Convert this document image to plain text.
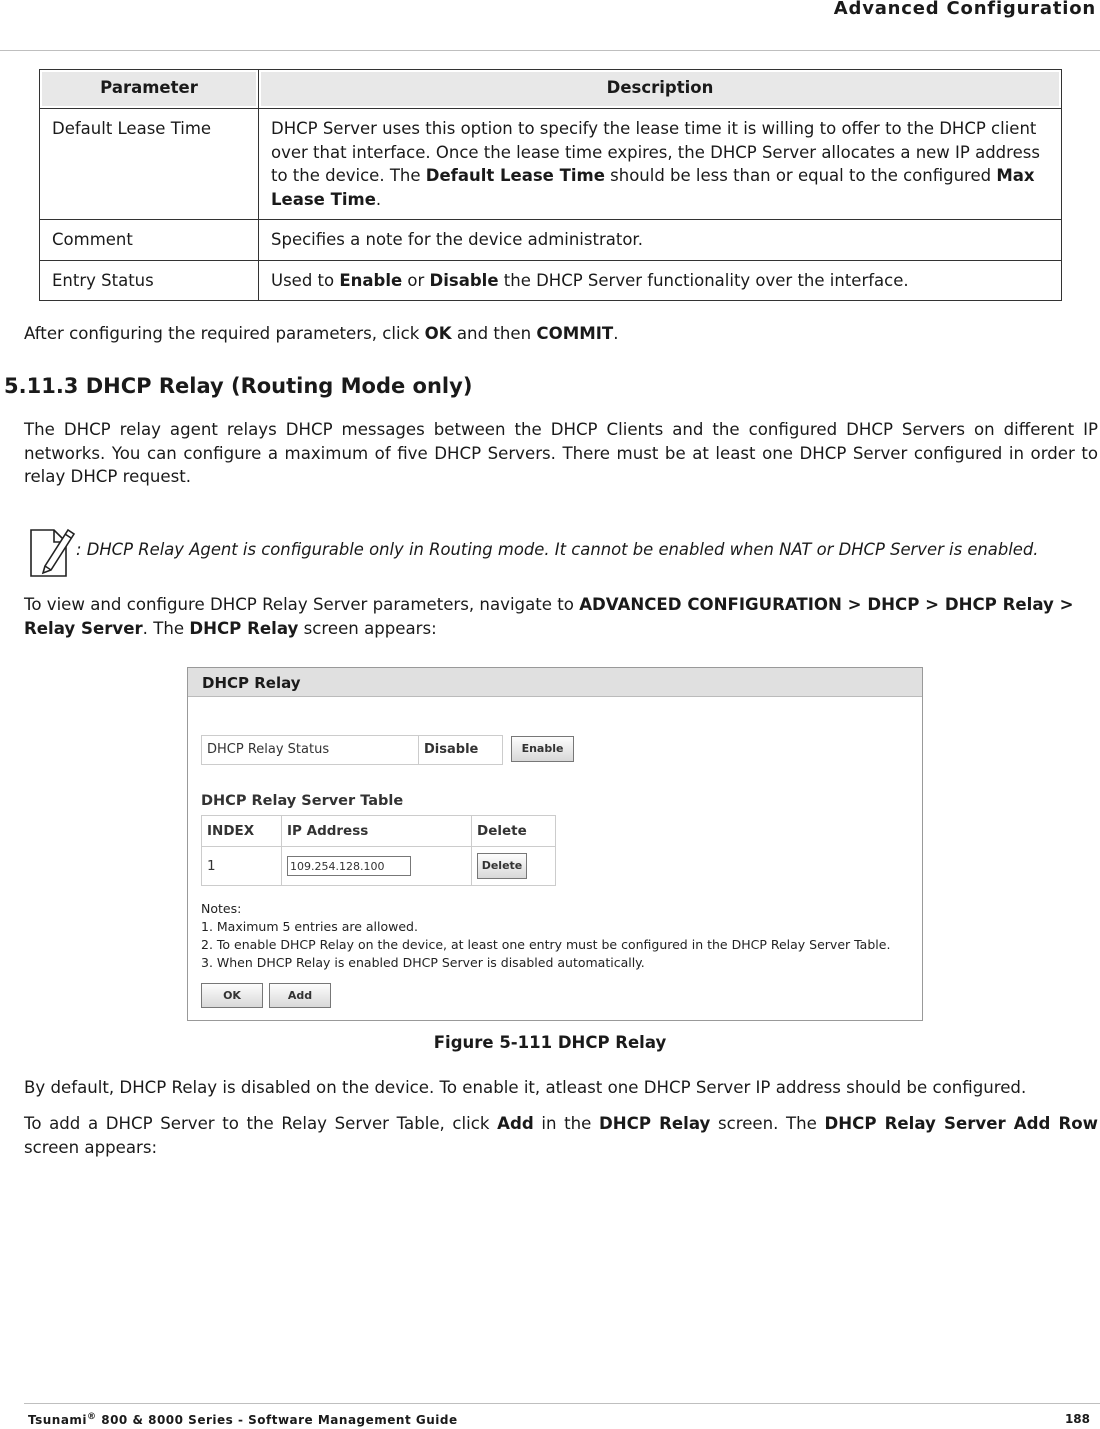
Advanced Configuration
Parameter	Description
Default Lease Time	DHCP Server uses this option to specify the lease time it is willing to offer to the DHCP client over that interface. Once the lease time expires, the DHCP Server allocates a new IP address to the device. The Default Lease Time should be less than or equal to the configured Max Lease Time.
Comment	Specifies a note for the device administrator.
Entry Status	Used to Enable or Disable the DHCP Server functionality over the interface.
After configuring the required parameters, click OK and then COMMIT.
5.11.3 DHCP Relay (Routing Mode only)
The DHCP relay agent relays DHCP messages between the DHCP Clients and the configured DHCP Servers on different IP networks. You can configure a maximum of five DHCP Servers. There must be at least one DHCP Server configured in order to relay DHCP request.
: DHCP Relay Agent is configurable only in Routing mode. It cannot be enabled when NAT or DHCP Server is enabled.
To view and configure DHCP Relay Server parameters, navigate to ADVANCED CONFIGURATION > DHCP > DHCP Relay > Relay Server. The DHCP Relay screen appears:
DHCP Relay
DHCP Relay Status	Disable	Enable
DHCP Relay Server Table
INDEX	IP Address	Delete
1	109.254.128.100	Delete
Notes:
1. Maximum 5 entries are allowed.
2. To enable DHCP Relay on the device, at least one entry must be configured in the DHCP Relay Server Table.
3. When DHCP Relay is enabled DHCP Server is disabled automatically.
OK	Add
Figure 5-111 DHCP Relay
By default, DHCP Relay is disabled on the device. To enable it, atleast one DHCP Server IP address should be configured.
To add a DHCP Server to the Relay Server Table, click Add in the DHCP Relay screen. The DHCP Relay Server Add Row screen appears:
Tsunami® 800 & 8000 Series - Software Management Guide	188
